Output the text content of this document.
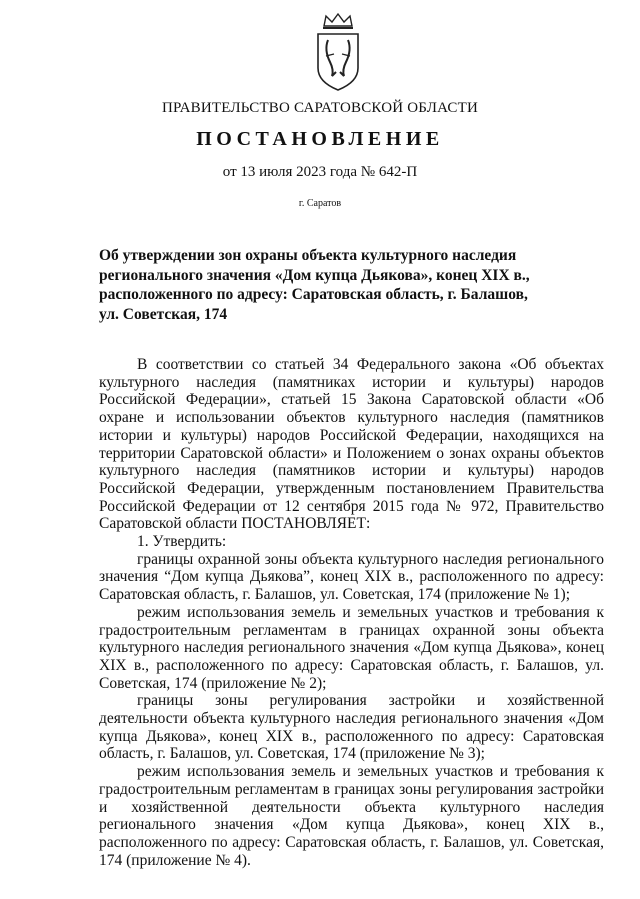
ПРАВИТЕЛЬСТВО САРАТОВСКОЙ ОБЛАСТИ
ПОСТАНОВЛЕНИЕ
от 13 июля 2023 года № 642-П
г. Саратов
Об утверждении зон охраны объекта культурного наследия
регионального значения «Дом купца Дьякова», конец XIX в.,
расположенного по адресу: Саратовская область, г. Балашов,
ул. Советская, 174

В соответствии со статьей 34 Федерального закона «Об объектах культурного наследия (памятниках истории и культуры) народов Российской Федерации», статьей 15 Закона Саратовской области «Об охране и использовании объектов культурного наследия (памятников истории и культуры) народов Российской Федерации, находящихся на территории Саратовской области» и Положением о зонах охраны объектов культурного наследия (памятников истории и культуры) народов Российской Федерации, утвержденным постановлением Правительства Российской Федерации от 12 сентября 2015 года № 972, Правительство Саратовской области ПОСТАНОВЛЯЕТ:

1. Утвердить:

границы охранной зоны объекта культурного наследия регионального значения “Дом купца Дьякова”, конец XIX в., расположенного по адресу: Саратовская область, г. Балашов, ул. Советская, 174 (приложение № 1);

режим использования земель и земельных участков и требования к градостроительным регламентам в границах охранной зоны объекта культурного наследия регионального значения «Дом купца Дьякова», конец XIX в., расположенного по адресу: Саратовская область, г. Балашов, ул. Советская, 174 (приложение № 2);

границы зоны регулирования застройки и хозяйственной деятельности объекта культурного наследия регионального значения «Дом купца Дьякова», конец XIX в., расположенного по адресу: Саратовская область, г. Балашов, ул. Советская, 174 (приложение № 3);

режим использования земель и земельных участков и требования к градостроительным регламентам в границах зоны регулирования застройки и хозяйственной деятельности объекта культурного наследия регионального значения «Дом купца Дьякова», конец XIX в., расположенного по адресу: Саратовская область, г. Балашов, ул. Советская, 174 (приложение № 4).
